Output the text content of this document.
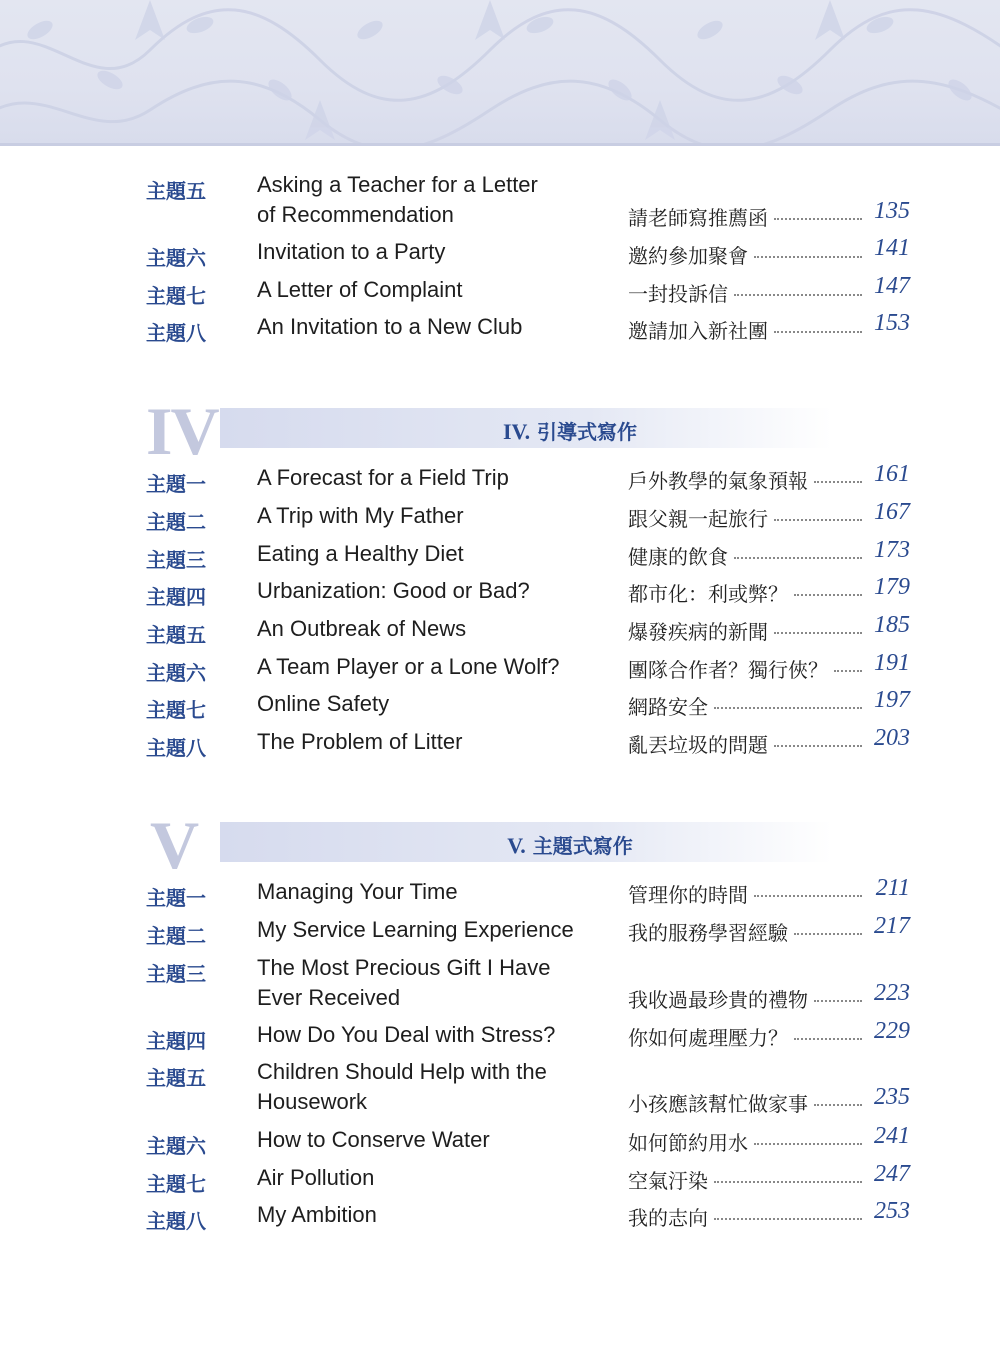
主題五 Asking a Teacher for a Letter
of Recommendation	請老師寫推薦函	135
主題六 Invitation to a Party	邀約參加聚會	141
主題七 A Letter of Complaint	一封投訴信	147
主題八 An Invitation to a New Club	邀請加入新社團	153
IV	IV. 引導式寫作
主題一 A Forecast for a Field Trip	戶外教學的氣象預報	161
主題二 A Trip with My Father	跟父親一起旅行	167
主題三 Eating a Healthy Diet	健康的飲食	173
主題四 Urbanization: Good or Bad?	都市化：利或弊？	179
主題五 An Outbreak of News	爆發疾病的新聞	185
主題六 A Team Player or a Lone Wolf?	團隊合作者？獨行俠？ 191
主題七 Online Safety	網路安全	197
主題八 The Problem of Litter	亂丟垃圾的問題	203
V	V. 主題式寫作
主題一 Managing Your Time	管理你的時間	211
主題二 My Service Learning Experience	我的服務學習經驗	217
主題三 The Most Precious Gift I Have
Ever Received	我收過最珍貴的禮物	223
主題四 How Do You Deal with Stress?	你如何處理壓力？	229
主題五 Children Should Help with the
Housework	小孩應該幫忙做家事	235
主題六 How to Conserve Water	如何節約用水	241
主題七 Air Pollution	空氣汙染	247
主題八 My Ambition	我的志向	253
